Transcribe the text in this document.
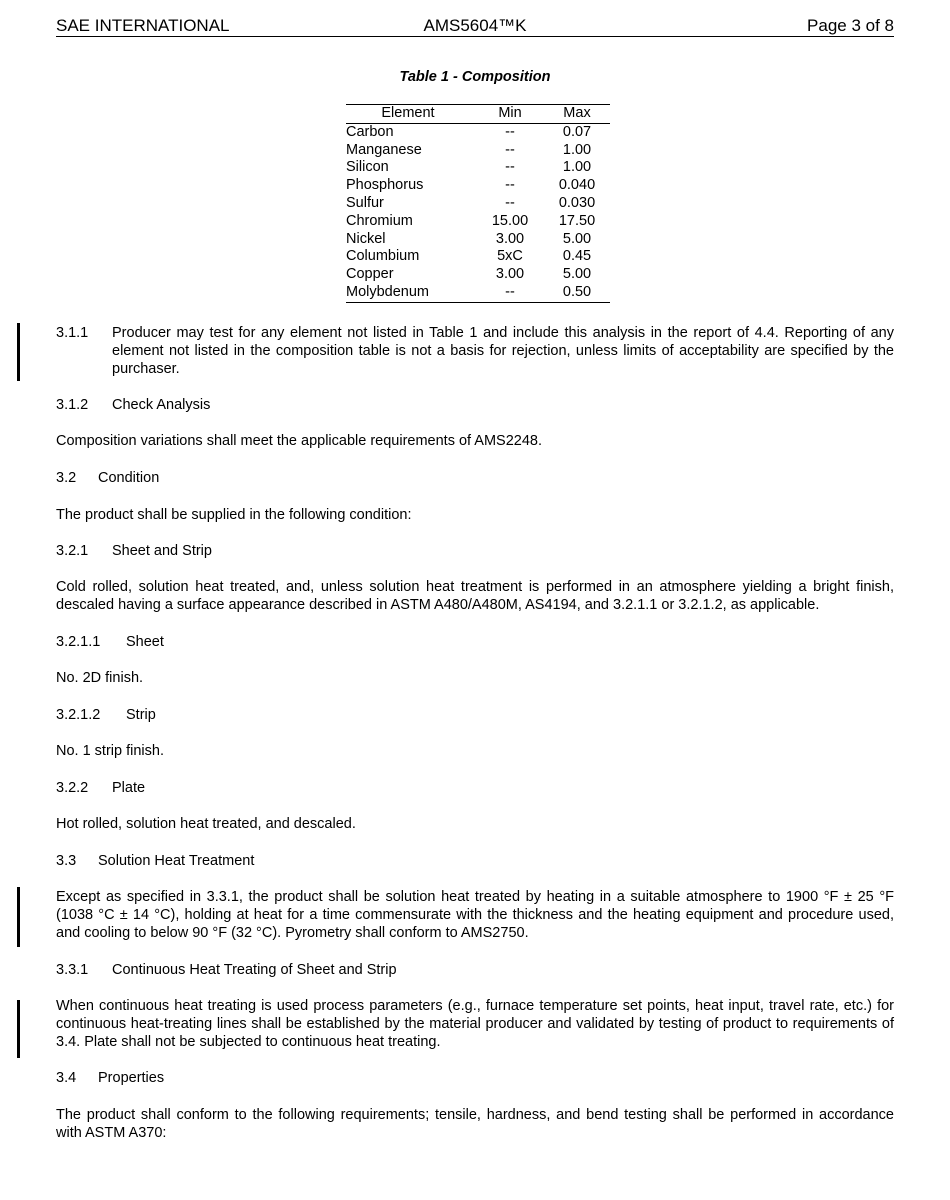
SAE INTERNATIONAL	AMS5604™K	Page 3 of 8
Table 1 - Composition
Element	Min	Max
Carbon	--	0.07
Manganese	--	1.00
Silicon	--	1.00
Phosphorus	--	0.040
Sulfur	--	0.030
Chromium	15.00	17.50
Nickel	3.00	5.00
Columbium	5xC	0.45
Copper	3.00	5.00
Molybdenum	--	0.50
3.1.1 Producer may test for any element not listed in Table 1 and include this analysis in the report of 4.4. Reporting of any element not listed in the composition table is not a basis for rejection, unless limits of acceptability are specified by the purchaser.
3.1.2 Check Analysis
Composition variations shall meet the applicable requirements of AMS2248.
3.2 Condition
The product shall be supplied in the following condition:
3.2.1 Sheet and Strip
Cold rolled, solution heat treated, and, unless solution heat treatment is performed in an atmosphere yielding a bright finish, descaled having a surface appearance described in ASTM A480/A480M, AS4194, and 3.2.1.1 or 3.2.1.2, as applicable.
3.2.1.1 Sheet
No. 2D finish.
3.2.1.2 Strip
No. 1 strip finish.
3.2.2 Plate
Hot rolled, solution heat treated, and descaled.
3.3 Solution Heat Treatment
Except as specified in 3.3.1, the product shall be solution heat treated by heating in a suitable atmosphere to 1900 °F ± 25 °F (1038 °C ± 14 °C), holding at heat for a time commensurate with the thickness and the heating equipment and procedure used, and cooling to below 90 °F (32 °C). Pyrometry shall conform to AMS2750.
3.3.1 Continuous Heat Treating of Sheet and Strip
When continuous heat treating is used process parameters (e.g., furnace temperature set points, heat input, travel rate, etc.) for continuous heat-treating lines shall be established by the material producer and validated by testing of product to requirements of 3.4. Plate shall not be subjected to continuous heat treating.
3.4 Properties
The product shall conform to the following requirements; tensile, hardness, and bend testing shall be performed in accordance with ASTM A370:
